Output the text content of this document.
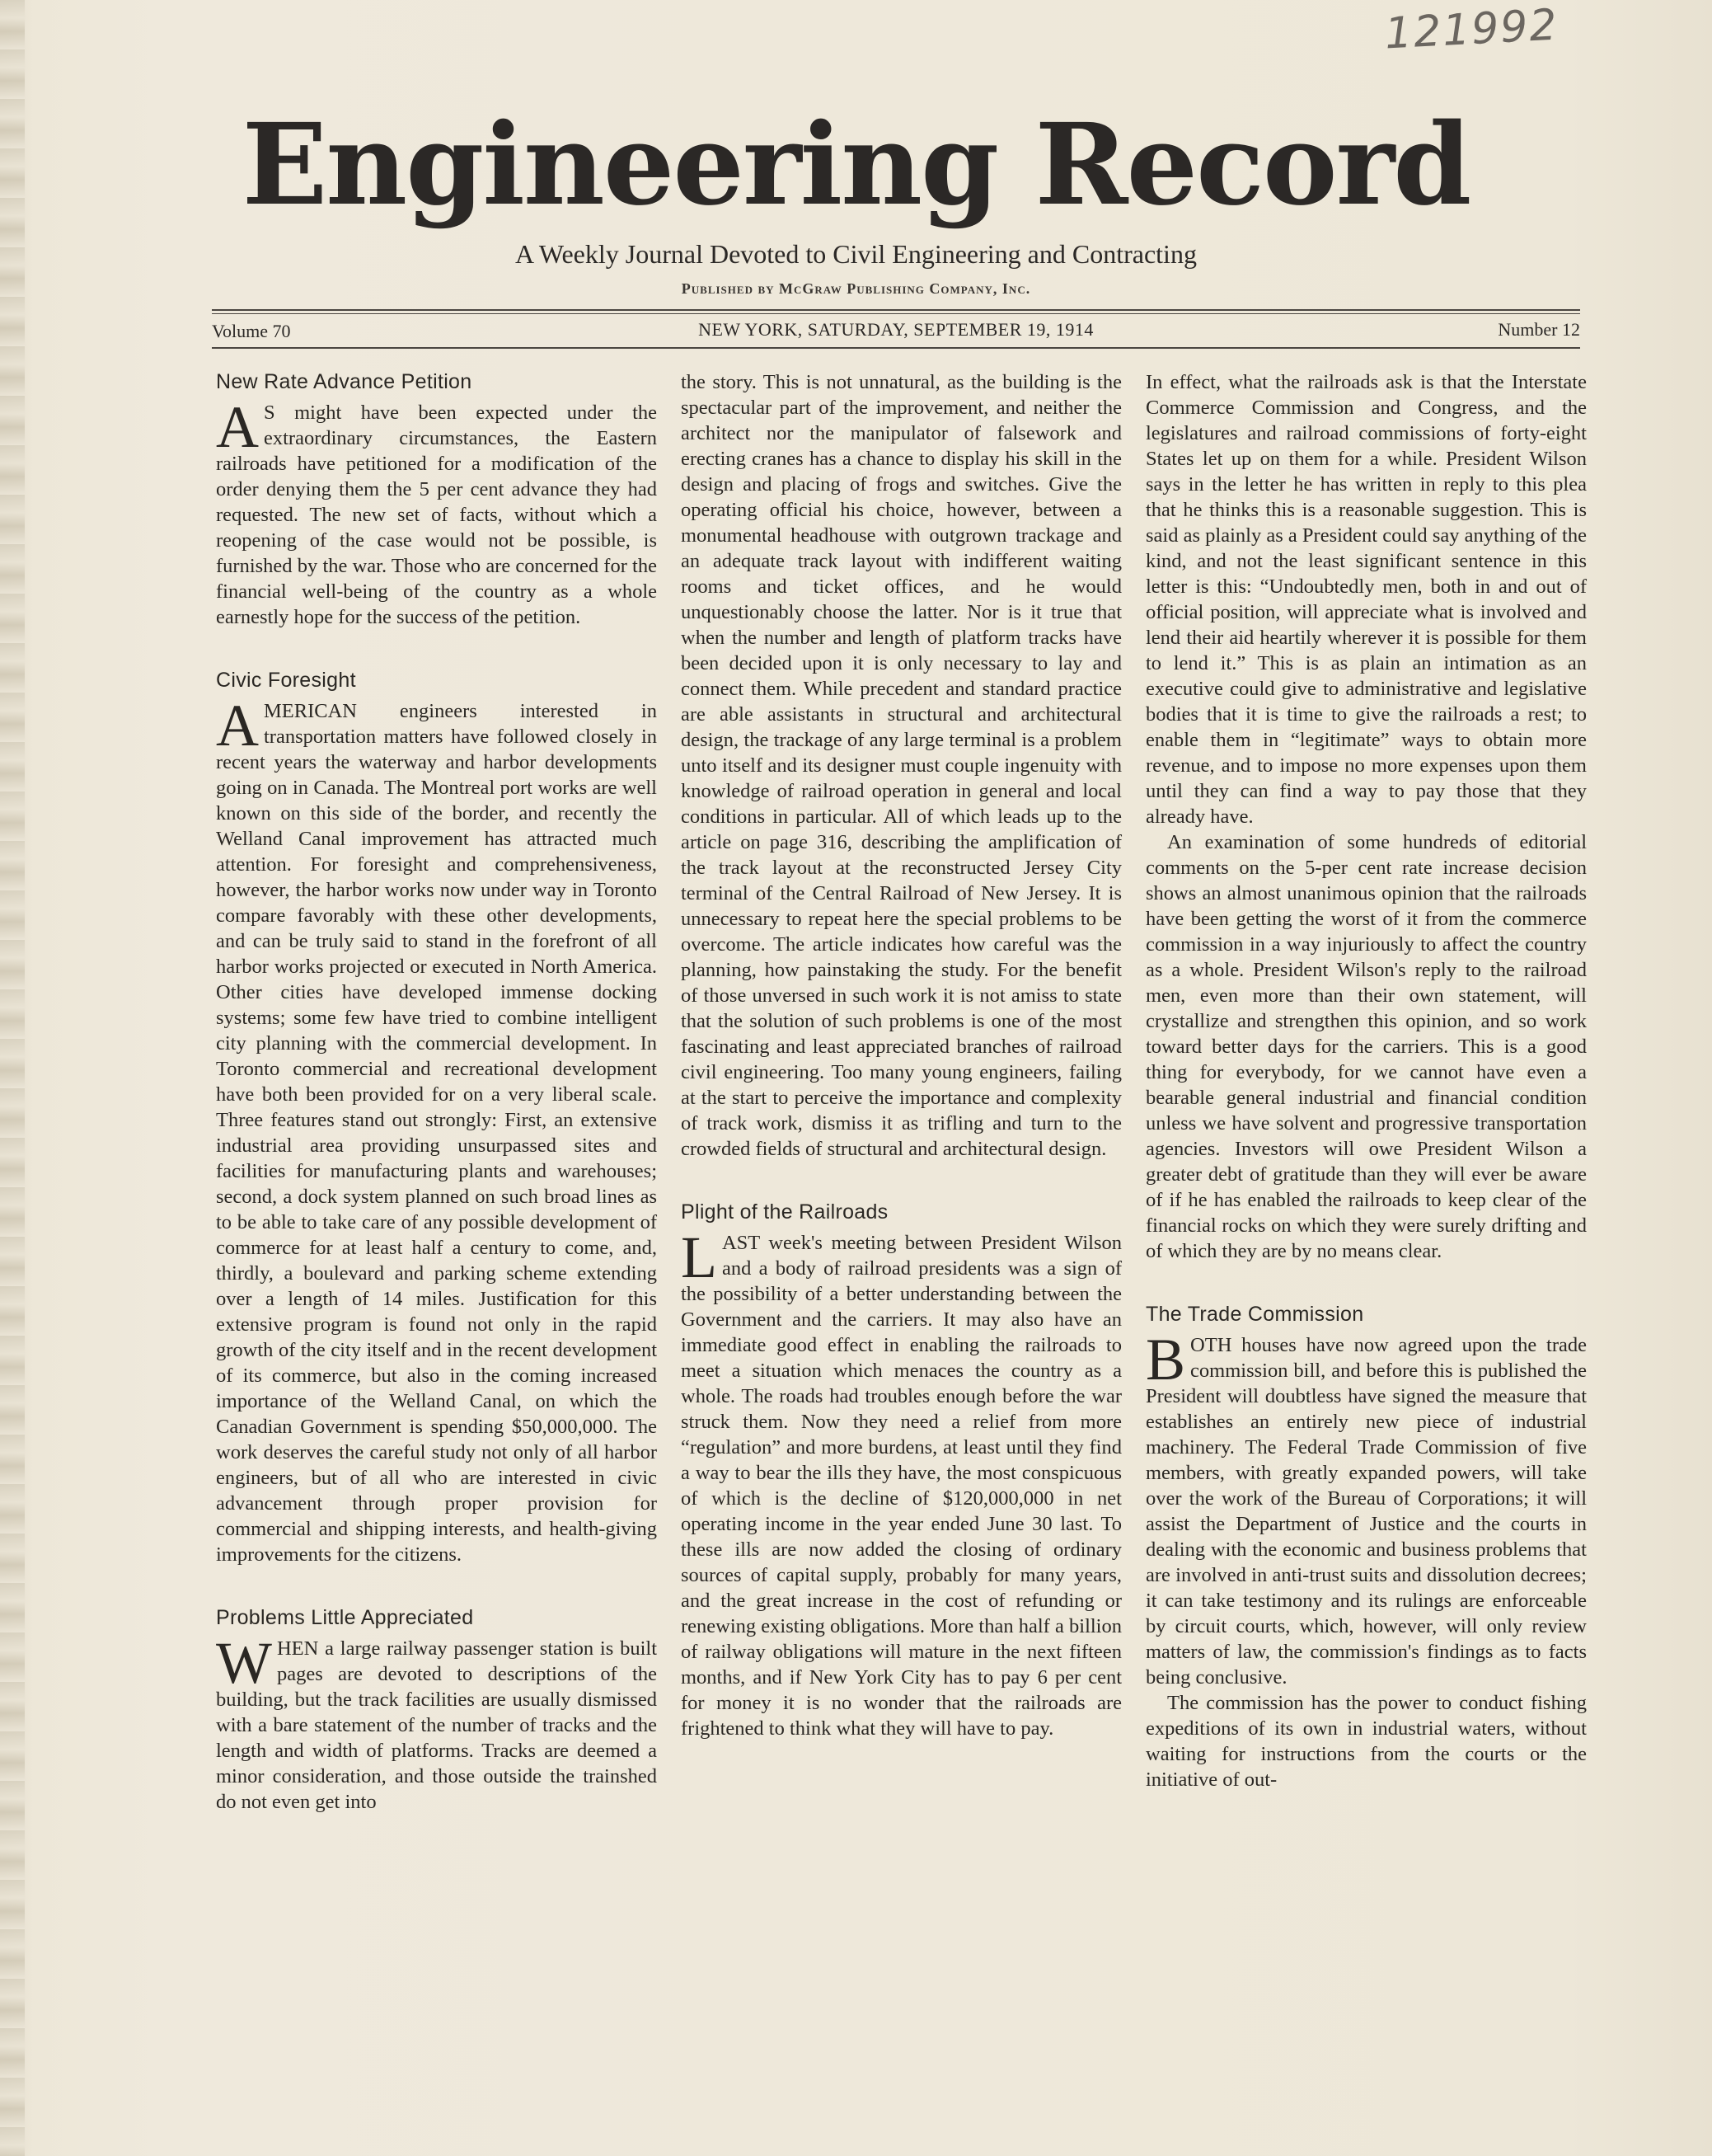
121992
Engineering Record
A Weekly Journal Devoted to Civil Engineering and Contracting
Published by McGraw Publishing Company, Inc.
Volume 70	NEW YORK, SATURDAY, SEPTEMBER 19, 1914	Number 12
New Rate Advance Petition

A S might have been expected under the extraordinary circumstances, the Eastern railroads have petitioned for a modification of the order denying them the 5 per cent advance they had requested. The new set of facts, without which a reopening of the case would not be possible, is furnished by the war. Those who are concerned for the financial well-being of the country as a whole earnestly hope for the success of the petition.

Civic Foresight

AMERICAN engineers interested in transportation matters have followed closely in recent years the waterway and harbor developments going on in Canada. The Montreal port works are well known on this side of the border, and recently the Welland Canal improvement has attracted much attention. For foresight and comprehensiveness, however, the harbor works now under way in Toronto compare favorably with these other developments, and can be truly said to stand in the forefront of all harbor works projected or executed in North America. Other cities have developed immense docking systems; some few have tried to combine intelligent city planning with the commercial development. In Toronto commercial and recreational development have both been provided for on a very liberal scale. Three features stand out strongly: First, an extensive industrial area providing unsurpassed sites and facilities for manufacturing plants and warehouses; second, a dock system planned on such broad lines as to be able to take care of any possible development of commerce for at least half a century to come, and, thirdly, a boulevard and parking scheme extending over a length of 14 miles. Justification for this extensive program is found not only in the rapid growth of the city itself and in the recent development of its commerce, but also in the coming increased importance of the Welland Canal, on which the Canadian Government is spending $50,000,000. The work deserves the careful study not only of all harbor engineers, but of all who are interested in civic advancement through proper provision for commercial and shipping interests, and health-giving improvements for the citizens.

Problems Little Appreciated

WHEN a large railway passenger station is built pages are devoted to descriptions of the building, but the track facilities are usually dismissed with a bare statement of the number of tracks and the length and width of platforms. Tracks are deemed a minor consideration, and those outside the trainshed do not even get into

the story. This is not unnatural, as the building is the spectacular part of the improvement, and neither the architect nor the manipulator of falsework and erecting cranes has a chance to display his skill in the design and placing of frogs and switches. Give the operating official his choice, however, between a monumental headhouse with outgrown trackage and an adequate track layout with indifferent waiting rooms and ticket offices, and he would unquestionably choose the latter. Nor is it true that when the number and length of platform tracks have been decided upon it is only necessary to lay and connect them. While precedent and standard practice are able assistants in structural and architectural design, the trackage of any large terminal is a problem unto itself and its designer must couple ingenuity with knowledge of railroad operation in general and local conditions in particular. All of which leads up to the article on page 316, describing the amplification of the track layout at the reconstructed Jersey City terminal of the Central Railroad of New Jersey. It is unnecessary to repeat here the special problems to be overcome. The article indicates how careful was the planning, how painstaking the study. For the benefit of those unversed in such work it is not amiss to state that the solution of such problems is one of the most fascinating and least appreciated branches of railroad civil engineering. Too many young engineers, failing at the start to perceive the importance and complexity of track work, dismiss it as trifling and turn to the crowded fields of structural and architectural design.

Plight of the Railroads

LAST week's meeting between President Wilson and a body of railroad presidents was a sign of the possibility of a better understanding between the Government and the carriers. It may also have an immediate good effect in enabling the railroads to meet a situation which menaces the country as a whole. The roads had troubles enough before the war struck them. Now they need a relief from more “regulation” and more burdens, at least until they find a way to bear the ills they have, the most conspicuous of which is the decline of $120,000,000 in net operating income in the year ended June 30 last. To these ills are now added the closing of ordinary sources of capital supply, probably for many years, and the great increase in the cost of refunding or renewing existing obligations. More than half a billion of railway obligations will mature in the next fifteen months, and if New York City has to pay 6 per cent for money it is no wonder that the railroads are frightened to think what they will have to pay.

In effect, what the railroads ask is that the Interstate Commerce Commission and Congress, and the legislatures and railroad commissions of forty-eight States let up on them for a while. President Wilson says in the letter he has written in reply to this plea that he thinks this is a reasonable suggestion. This is said as plainly as a President could say anything of the kind, and not the least significant sentence in this letter is this: “Undoubtedly men, both in and out of official position, will appreciate what is involved and lend their aid heartily wherever it is possible for them to lend it.” This is as plain an intimation as an executive could give to administrative and legislative bodies that it is time to give the railroads a rest; to enable them in “legitimate” ways to obtain more revenue, and to impose no more expenses upon them until they can find a way to pay those that they already have.

An examination of some hundreds of editorial comments on the 5-per cent rate increase decision shows an almost unanimous opinion that the railroads have been getting the worst of it from the commerce commission in a way injuriously to affect the country as a whole. President Wilson's reply to the railroad men, even more than their own statement, will crystallize and strengthen this opinion, and so work toward better days for the carriers. This is a good thing for everybody, for we cannot have even a bearable general industrial and financial condition unless we have solvent and progressive transportation agencies. Investors will owe President Wilson a greater debt of gratitude than they will ever be aware of if he has enabled the railroads to keep clear of the financial rocks on which they were surely drifting and of which they are by no means clear.

The Trade Commission

BOTH houses have now agreed upon the trade commission bill, and before this is published the President will doubtless have signed the measure that establishes an entirely new piece of industrial machinery. The Federal Trade Commission of five members, with greatly expanded powers, will take over the work of the Bureau of Corporations; it will assist the Department of Justice and the courts in dealing with the economic and business problems that are involved in anti-trust suits and dissolution decrees; it can take testimony and its rulings are enforceable by circuit courts, which, however, will only review matters of law, the commission's findings as to facts being conclusive.

The commission has the power to conduct fishing expeditions of its own in industrial waters, without waiting for instructions from the courts or the initiative of out-
